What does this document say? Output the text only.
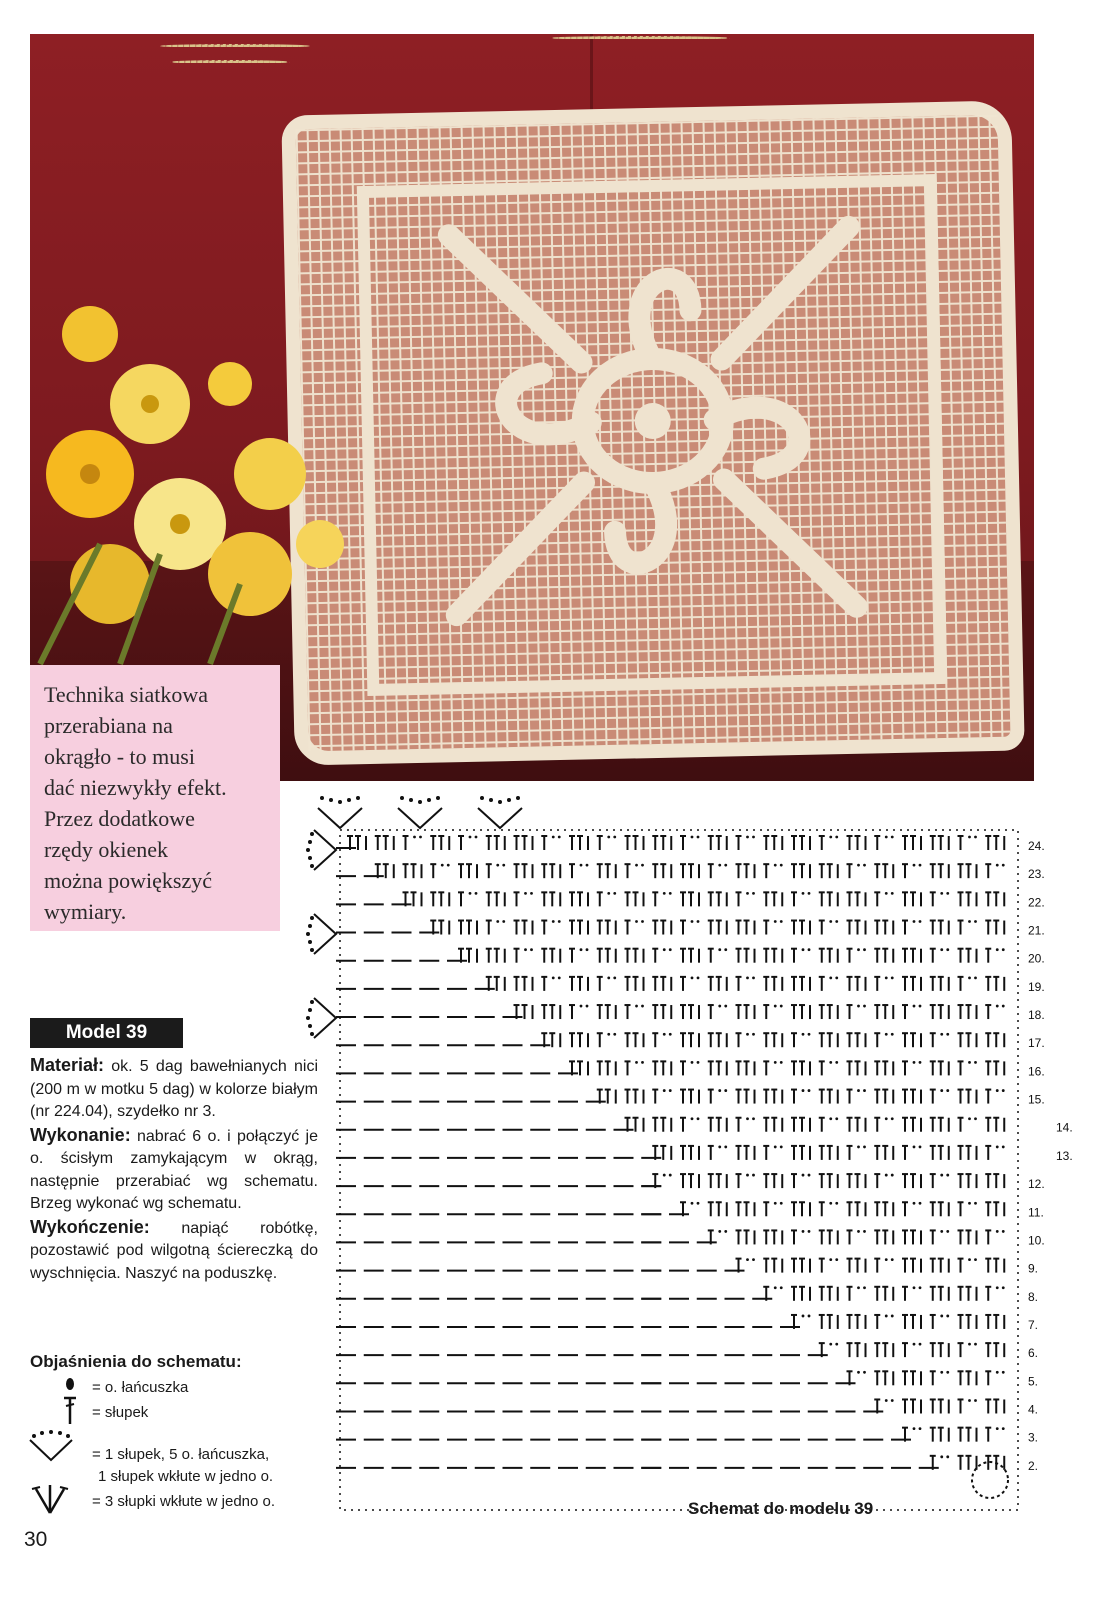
Technika siatkowa

przerabiana na

okrągło - to musi

dać niezwykły efekt.

Przez dodatkowe

rzędy okienek

można powiększyć

wymiary.

Model 39

Materiał: ok. 5 dag bawełnianych nici (200 m w motku 5 dag) w kolorze białym (nr 224.04), szydełko nr 3.

Wykonanie: nabrać 6 o. i połączyć je o. ścisłym zamykającym w okrąg, następnie przerabiać wg schematu. Brzeg wykonać wg schematu.

Wykończenie: napiąć robótkę, pozostawić pod wilgotną ściereczką do wyschnięcia. Naszyć na poduszkę.

Objaśnienia do schematu:
= o. łańcuszka
= słupek
= 1 słupek, 5 o. łańcuszka,
1 słupek wkłute w jedno o.
= 3 słupki wkłute w jedno o.
30
24.
23.
22.
21.
20.
19.
18.
17.
16.
15.
14.
13.
12.
11.
10.
9.
8.
7.
6.
5.
4.
3.
2.
Schemat do modelu 39
